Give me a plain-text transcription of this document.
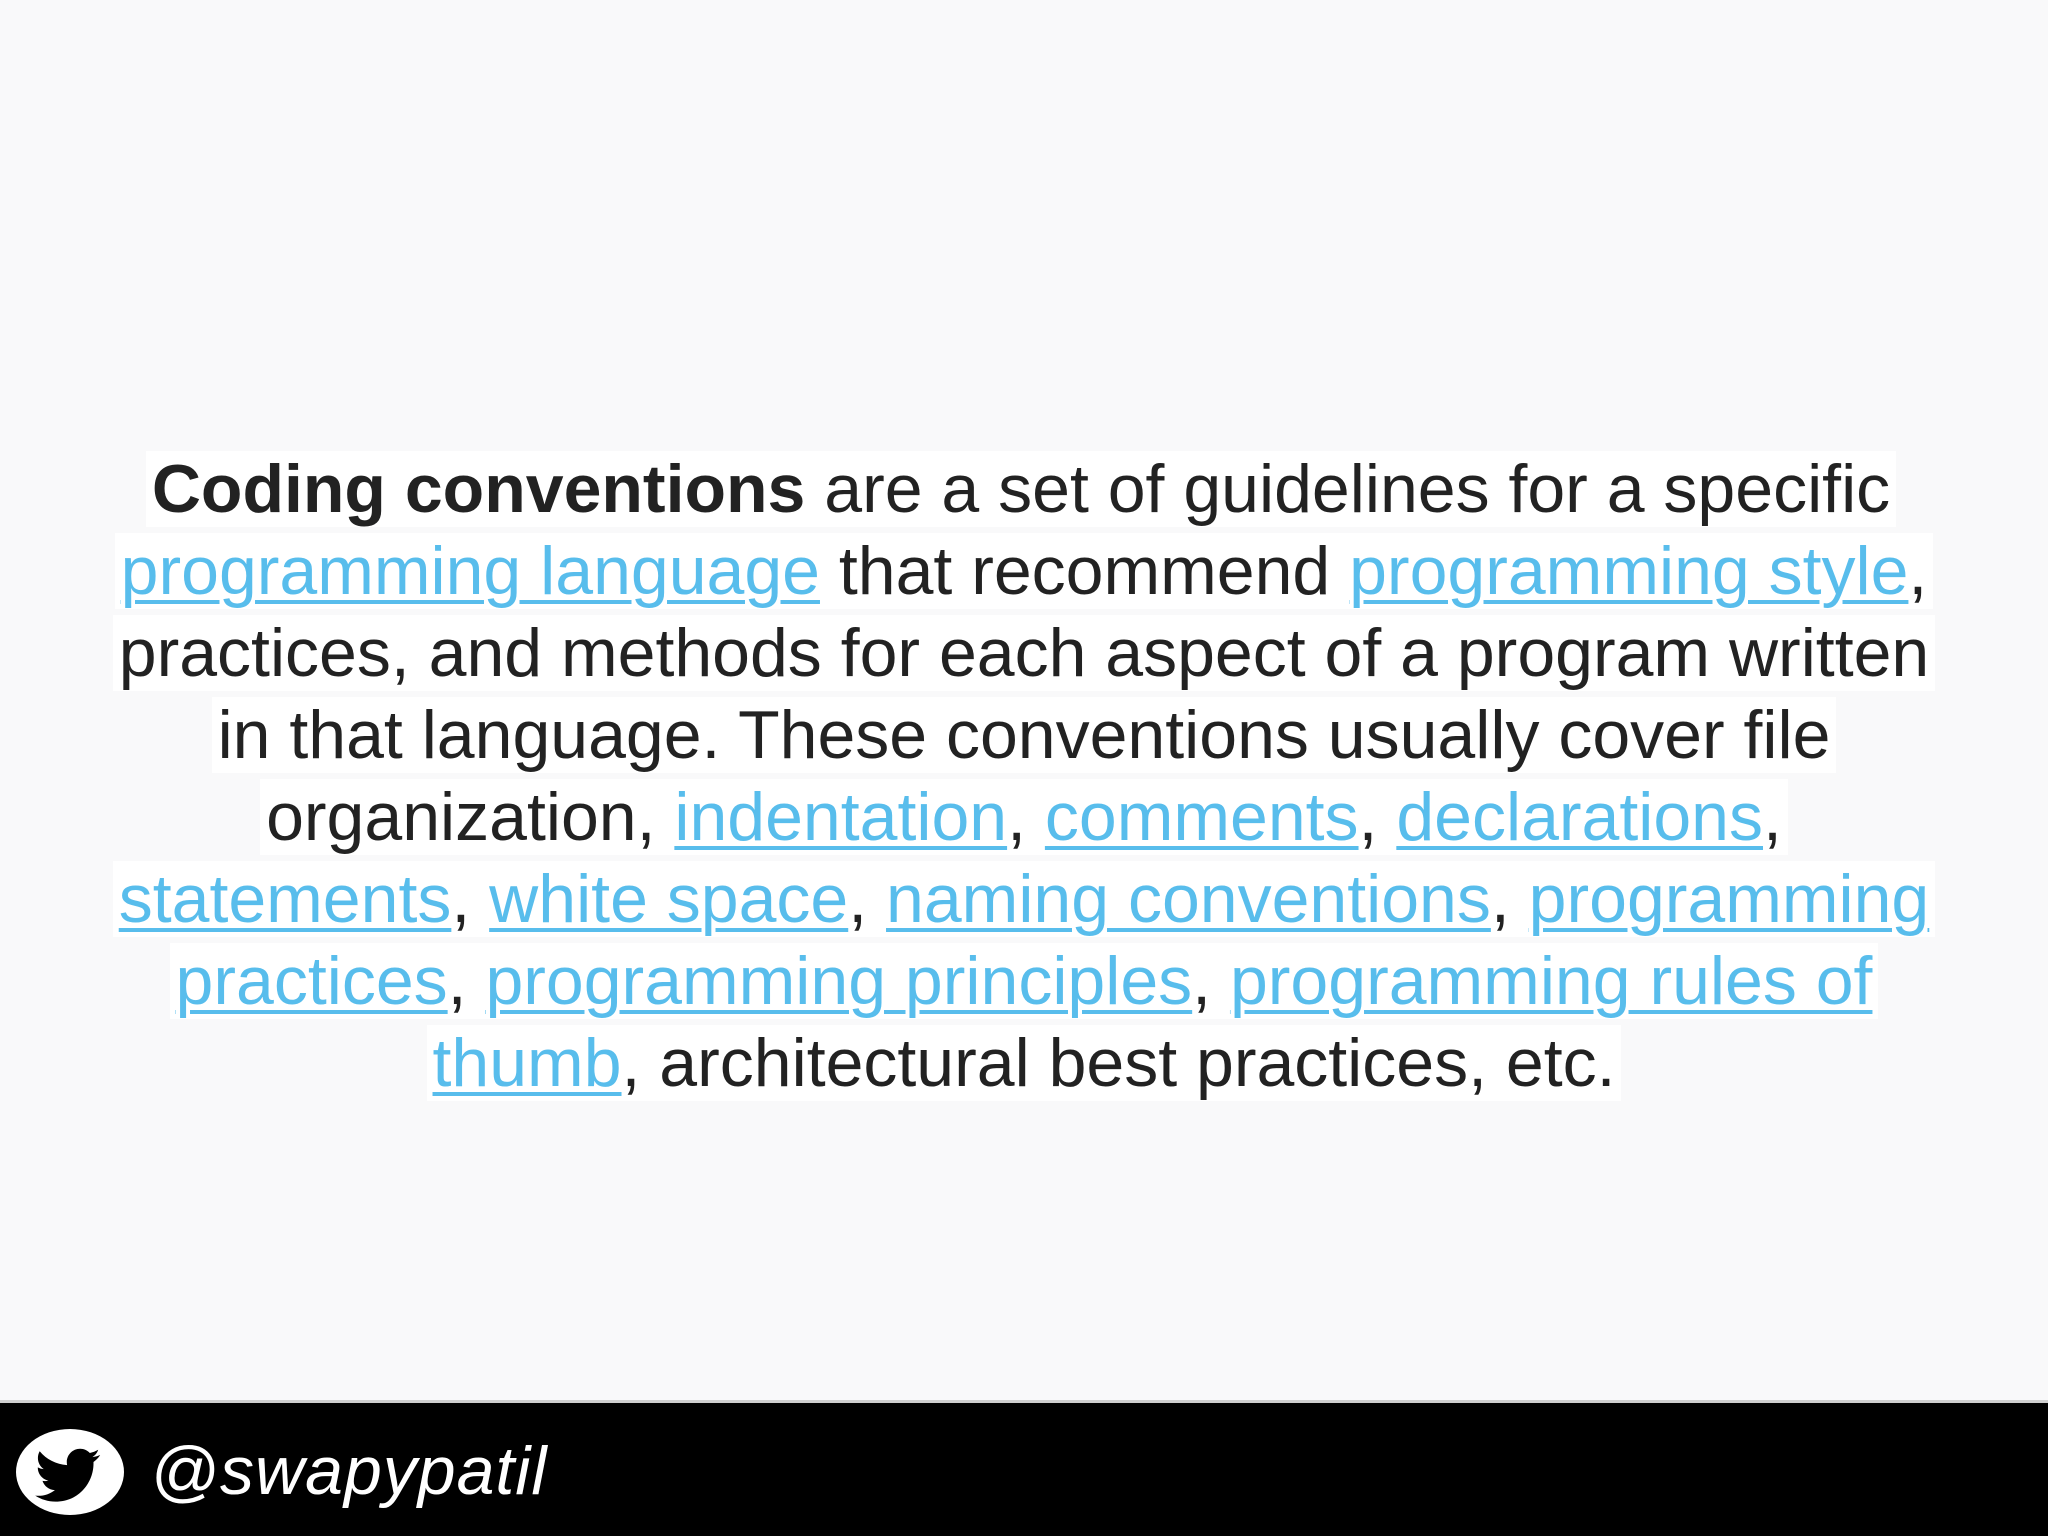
Coding conventions are a set of guidelines for a specific programming language that recommend programming style, practices, and methods for each aspect of a program written in that language. These conventions usually cover file organization, indentation, comments, declarations, statements, white space, naming conventions, programming practices, programming principles, programming rules of thumb, architectural best practices, etc.

@swapypatil
